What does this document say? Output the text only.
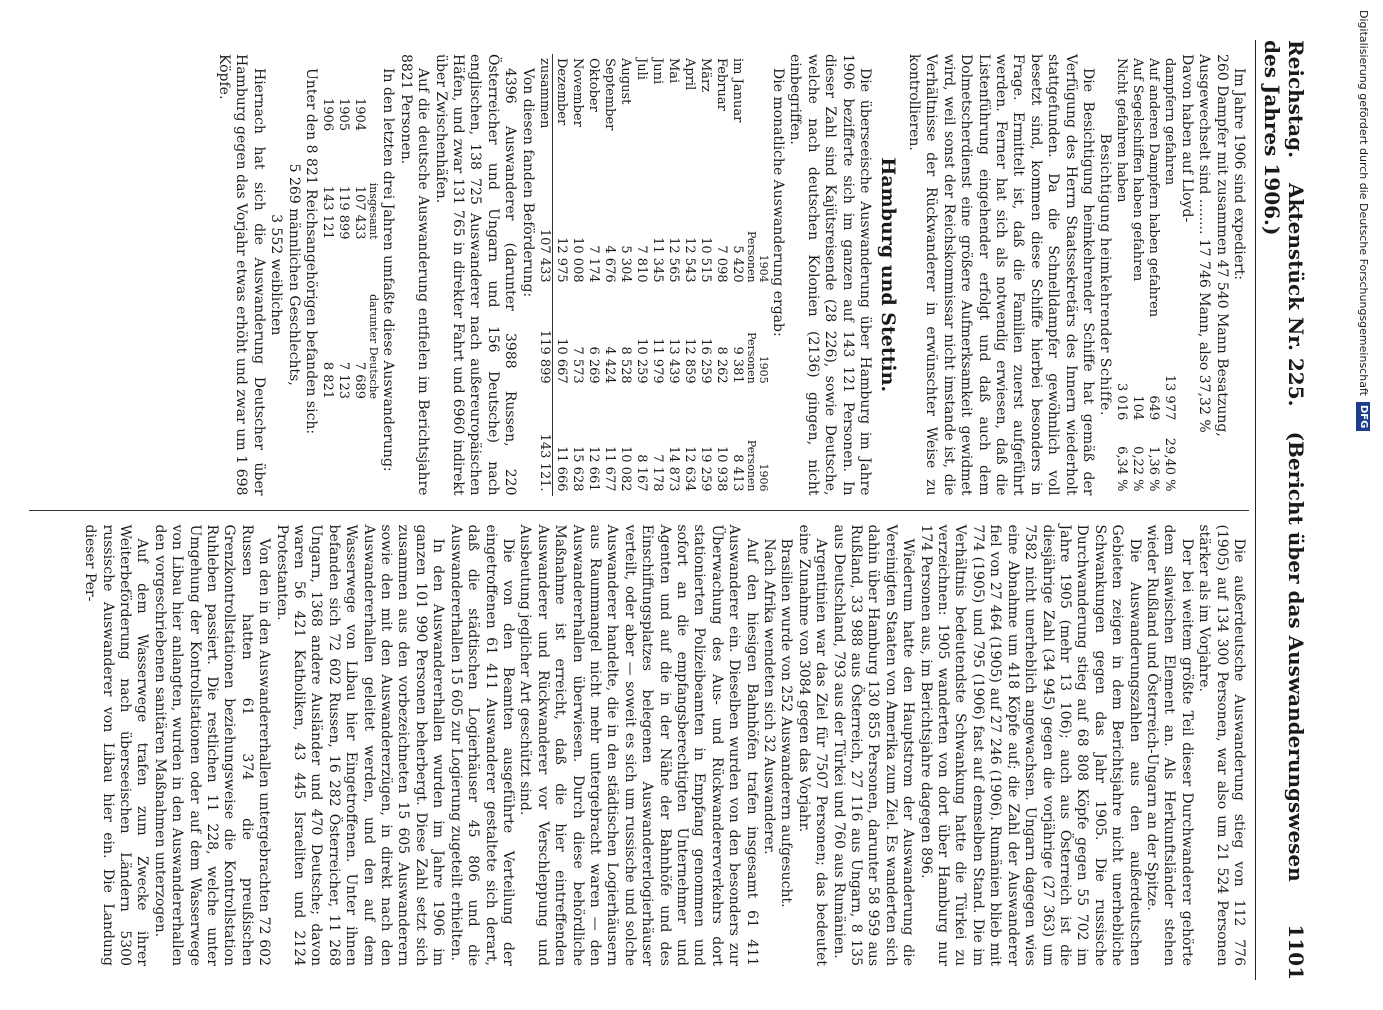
Reichstag. Aktenstück Nr. 225. (Bericht über das Auswanderungswesen des Jahres 1906.)
1101

Im Jahre 1906 sind expediert:

260 Dampfer mit zusammen 47 540 Mann Besatzung,

Ausgewechselt sind ........ 17 746 Mann, also 37,32 %

Davon haben auf Lloyd-

dampfern gefahren	13 977	29,40 %
Auf anderen Dampfern haben gefahren	649	1,36 %
Auf Segelschiffen haben gefahren	104	0,22 %
Nicht gefahren haben	3 016	6,34 %

Besichtigung heimkehrender Schiffe.

Die Besichtigung heimkehrender Schiffe hat gemäß der Verfügung des Herrn Staatssekretärs des Innern wiederholt stattgefunden. Da die Schnelldampfer gewöhnlich voll besetzt sind, kommen diese Schiffe hierbei besonders in Frage. Ermittelt ist, daß die Familien zuerst aufgeführt werden. Ferner hat sich als notwendig erwiesen, daß die Listenführung eingehender erfolgt und daß auch dem Dolmetscherdienst eine größere Aufmerksamkeit gewidmet wird, weil sonst der Reichskommissar nicht imstande ist, die Verhältnisse der Rückwanderer in erwünschter Weise zu kontrollieren.

Hamburg und Stettin.

Die überseeische Auswanderung über Hamburg im Jahre 1906 bezifferte sich im ganzen auf 143 121 Personen. In dieser Zahl sind Kajütsreisende (28 226), sowie Deutsche, welche nach deutschen Kolonien (2136) gingen, nicht einbegriffen.

Die monatliche Auswanderung ergab:

	1904	1905	1906
	Personen	Personen	Personen
im Januar	5 420	9 381	8 413
Februar	7 098	8 262	10 938
März	10 515	16 259	19 259
April	12 543	12 859	12 634
Mai	12 565	13 439	14 873
Juni	11 345	11 979	7 178
Juli	7 810	10 259	8 167
August	5 304	8 528	10 082
September	4 676	4 424	11 677
Oktober	7 174	6 269	12 661
November	10 008	7 573	15 628
Dezember	12 975	10 667	11 666
zusammen	107 433	119 899	143 121.

Von diesen fanden Beförderung:

4396 Auswanderer (darunter 3988 Russen, 220 Österreicher und Ungarn und 156 Deutsche) nach englischen, 138 725 Auswanderer nach außereuropäischen Häfen, und zwar 131 765 in direkter Fahrt und 6960 indirekt über Zwischenhäfen.

Auf die deutsche Auswanderung entfielen im Berichtsjahre 8821 Personen.

In den letzten drei Jahren umfaßte diese Auswanderung:

	insgesamt	darunter Deutsche
1904	107 433	7 689
1905	119 899	7 123
1906	143 121	8 821

Unter den 8 821 Reichsangehörigen befanden sich:

5 269 männlichen Geschlechts,

3 552 weiblichen

Hiernach hat sich die Auswanderung Deutscher über Hamburg gegen das Vorjahr etwas erhöht und zwar um 1 698 Köpfe.

Die außerdeutsche Auswanderung stieg von 112 776 (1905) auf 134 300 Personen, war also um 21 524 Personen stärker als im Vorjahre.

Der bei weitem größte Teil dieser Durchwanderer gehörte dem slawischen Element an. Als Herkunftsländer stehen wieder Rußland und Österreich-Ungarn an der Spitze.

Die Auswanderungszahlen aus den außerdeutschen Gebieten zeigen in dem Berichtsjahre nicht unerhebliche Schwankungen gegen das Jahr 1905. Die russische Durchwanderung stieg auf 68 808 Köpfe gegen 55 702 im Jahre 1905 (mehr 13 106); auch aus Österreich ist die diesjährige Zahl (34 945) gegen die vorjährige (27 363) um 7582 nicht unerheblich angewachsen. Ungarn dagegen wies eine Abnahme um 418 Köpfe auf; die Zahl der Auswanderer fiel von 27 464 (1905) auf 27 246 (1906). Rumänien blieb mit 774 (1905) und 795 (1906) fast auf demselben Stand. Die im Verhältnis bedeutendste Schwankung hatte die Türkei zu verzeichnen: 1905 wanderten von dort über Hamburg nur 174 Personen aus, im Berichtsjahre dagegen 896.

Wiederum hatte den Hauptstrom der Auswanderung die Vereinigten Staaten von Amerika zum Ziel. Es wanderten sich dahin über Hamburg 130 855 Personen, darunter 58 959 aus Rußland, 33 988 aus Österreich, 27 116 aus Ungarn, 8 135 aus Deutschland, 793 aus der Türkei und 760 aus Rumänien.

Argentinien war das Ziel für 7507 Personen; das bedeutet eine Zunahme von 3084 gegen das Vorjahr.

Brasilien wurde von 252 Auswanderern aufgesucht.

Nach Afrika wendeten sich 32 Auswanderer.

Auf den hiesigen Bahnhöfen trafen insgesamt 61 411 Auswanderer ein. Dieselben wurden von den besonders zur Überwachung des Aus- und Rückwandererverkehrs dort stationierten Polizeibeamten in Empfang genommen und sofort an die empfangsberechtigten Unternehmer und Agenten und auf die in der Nähe der Bahnhöfe und des Einschiffungsplatzes belegenen Auswandererlogierhäuser verteilt, oder aber — soweit es sich um russische und solche Auswanderer handelte, die in den städtischen Logierhäusern aus Raummangel nicht mehr untergebracht waren — den Auswandererhallen überwiesen. Durch diese behördliche Maßnahme ist erreicht, daß die hier eintreffenden Auswanderer und Rückwanderer vor Verschleppung und Ausbeutung jeglicher Art geschützt sind.

Die von den Beamten ausgeführte Verteilung der eingetroffenen 61 411 Auswanderer gestaltete sich derart, daß die städtischen Logierhäuser 45 806 und die Auswandererhallen 15 605 zur Logierung zugeteilt erhielten.

In den Auswandererhallen wurden im Jahre 1906 im ganzen 101 990 Personen beherbergt. Diese Zahl setzt sich zusammen aus den vorbezeichneten 15 605 Auswanderern sowie den mit den Auswandererzügen, in direkt nach den Auswandererhallen geleitet werden, und den auf dem Wasserwege von Libau hier Eingetroffenen. Unter ihnen befanden sich 72 602 Russen, 16 282 Österreicher, 11 268 Ungarn, 1368 andere Ausländer und 470 Deutsche; davon waren 56 421 Katholiken, 43 445 Israeliten und 2124 Protestanten.

Von den in den Auswandererhallen untergebrachten 72 602 Russen hatten 61 374 die preußischen Grenzkontrollstationen beziehungsweise die Kontrollstation Ruhleben passiert. Die restlichen 11 228, welche unter Umgehung der Kontrollstationen oder auf dem Wasserwege von Libau hier anlangten, wurden in den Auswandererhallen den vorgeschriebenen sanitären Maßnahmen unterzogen.

Auf dem Wasserwege trafen zum Zwecke ihrer Weiterbeförderung nach überseeischen Ländern 5300 russische Auswanderer von Libau hier ein. Die Landung dieser Per-

Digitalisierung gefördert durch die Deutsche Forschungsgemeinschaft
DFG
